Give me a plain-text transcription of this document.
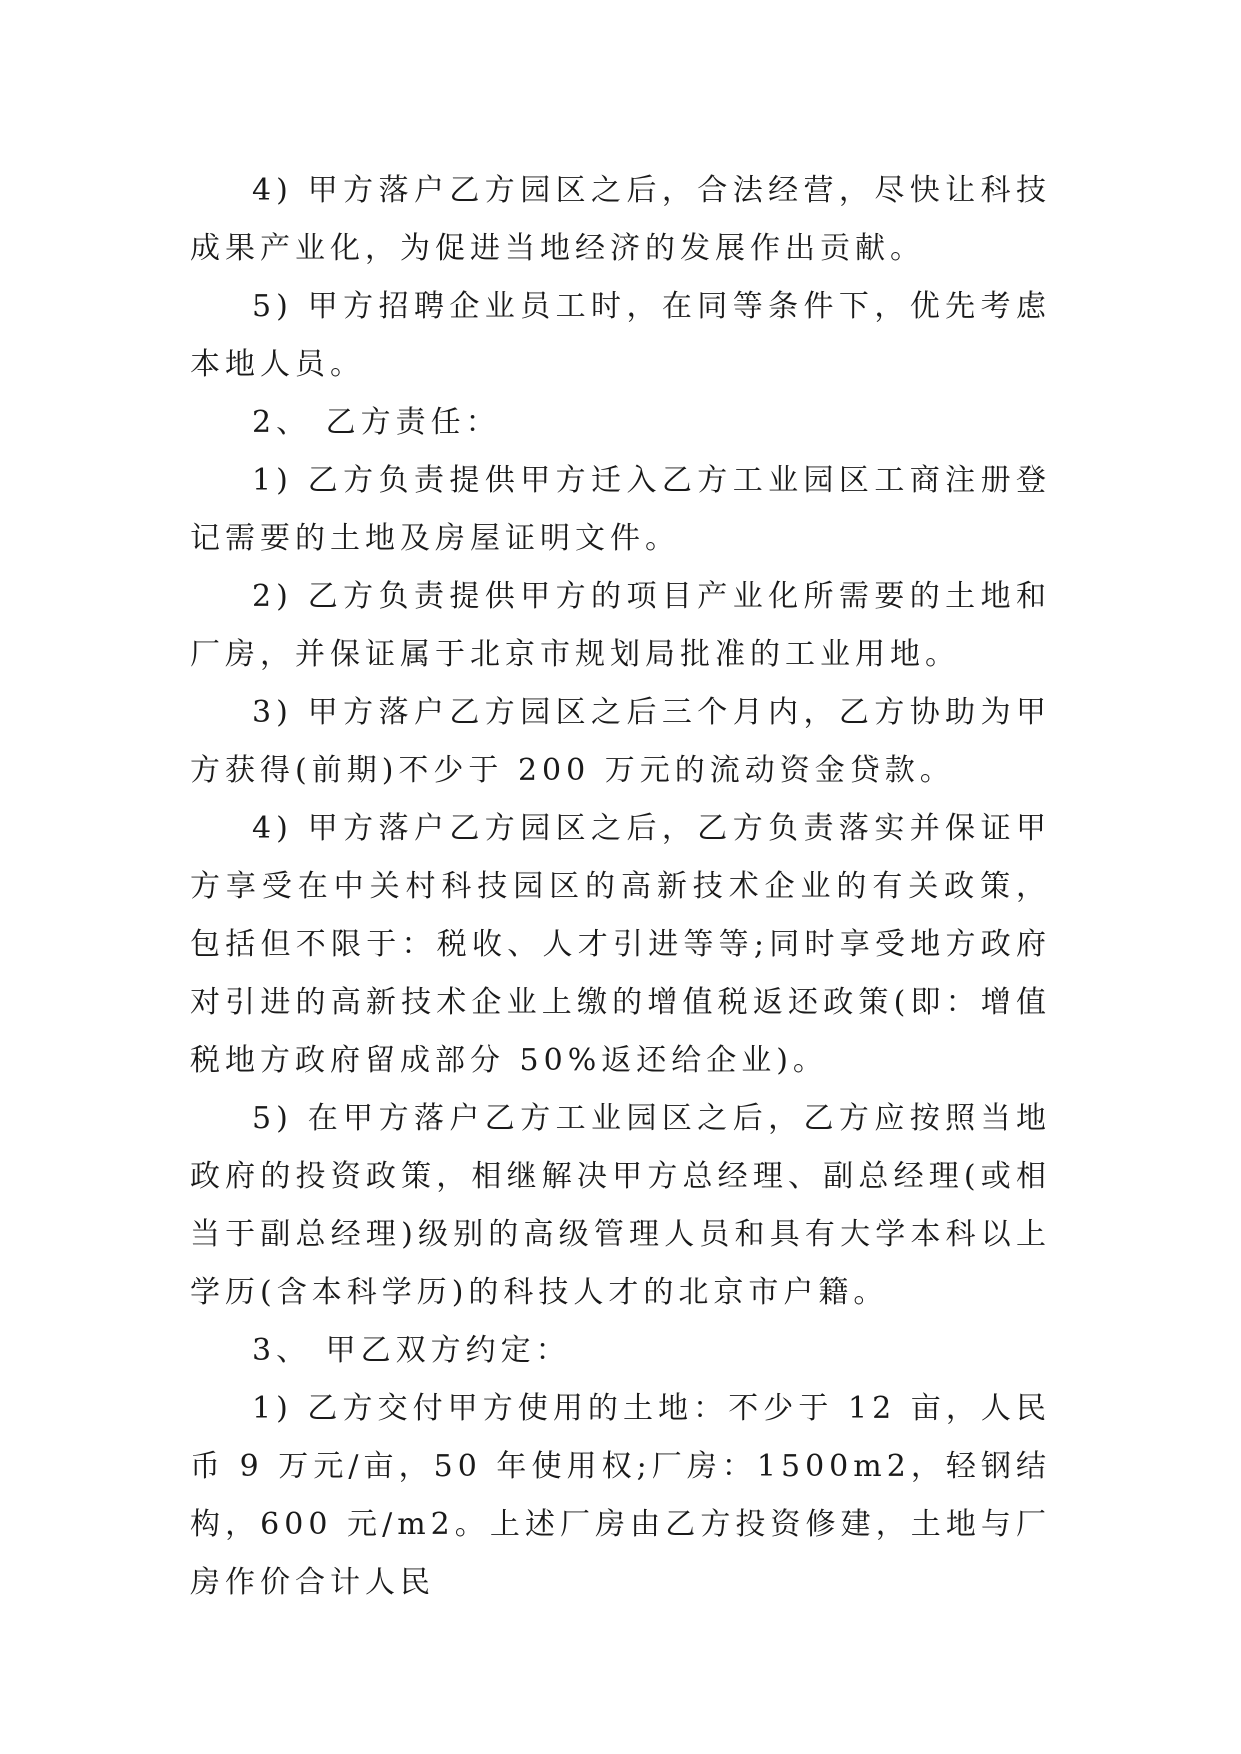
4) 甲方落户乙方园区之后，合法经营，尽快让科技成果产业化，为促进当地经济的发展作出贡献。

5) 甲方招聘企业员工时，在同等条件下，优先考虑本地人员。

2、 乙方责任：

1) 乙方负责提供甲方迁入乙方工业园区工商注册登记需要的土地及房屋证明文件。

2) 乙方负责提供甲方的项目产业化所需要的土地和厂房，并保证属于北京市规划局批准的工业用地。

3) 甲方落户乙方园区之后三个月内，乙方协助为甲方获得(前期)不少于 200 万元的流动资金贷款。

4) 甲方落户乙方园区之后，乙方负责落实并保证甲方享受在中关村科技园区的高新技术企业的有关政策，包括但不限于：税收、人才引进等等;同时享受地方政府对引进的高新技术企业上缴的增值税返还政策(即：增值税地方政府留成部分 50%返还给企业)。

5) 在甲方落户乙方工业园区之后，乙方应按照当地政府的投资政策，相继解决甲方总经理、副总经理(或相当于副总经理)级别的高级管理人员和具有大学本科以上学历(含本科学历)的科技人才的北京市户籍。

3、 甲乙双方约定：

1) 乙方交付甲方使用的土地：不少于 12 亩，人民币 9 万元/亩，50 年使用权;厂房：1500m2，轻钢结构，600 元/m2。上述厂房由乙方投资修建，土地与厂房作价合计人民
